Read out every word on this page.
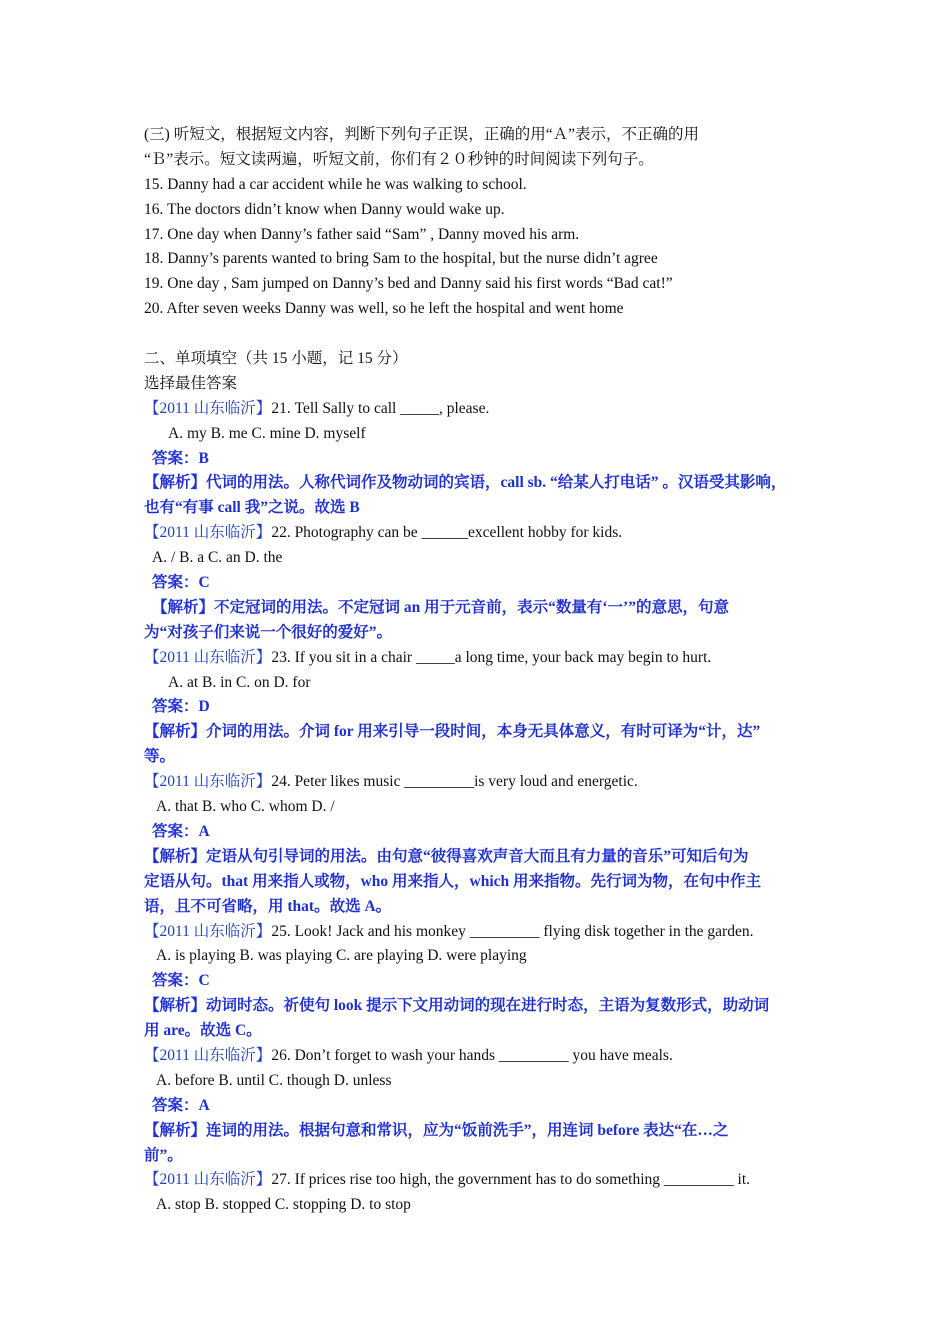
(三) 听短文，根据短文内容，判断下列句子正误，正确的用“Ａ”表示，不正确的用
“Ｂ”表示。短文读两遍，听短文前，你们有２０秒钟的时间阅读下列句子。
15. Danny had a car accident while he was walking to school.
16. The doctors didn’t know when Danny would wake up.
17. One day when Danny’s father said “Sam” , Danny moved his arm.
18. Danny’s parents wanted to bring Sam to the hospital, but the nurse didn’t agree
19. One day , Sam jumped on Danny’s bed and Danny said his first words “Bad cat!”
20. After seven weeks Danny was well, so he left the hospital and went home
二、单项填空（共 15 小题，记 15 分）
选择最佳答案
【2011 山东临沂】21. Tell Sally to call _____, please.
A. my B. me C. mine D. myself
答案：B
【解析】代词的用法。人称代词作及物动词的宾语，call sb. “给某人打电话” 。汉语受其影响，
也有“有事 call 我”之说。故选 B
【2011 山东临沂】22. Photography can be ______excellent hobby for kids.
A. / B. a C. an D. the
答案：C
【解析】不定冠词的用法。不定冠词 an 用于元音前，表示“数量有‘一’”的意思，句意
为“对孩子们来说一个很好的爱好”。
【2011 山东临沂】23. If you sit in a chair _____a long time, your back may begin to hurt.
A. at B. in C. on D. for
答案：D
【解析】介词的用法。介词 for 用来引导一段时间，本身无具体意义，有时可译为“计，达”
等。
【2011 山东临沂】24. Peter likes music _________is very loud and energetic.
A. that B. who C. whom D. /
答案：A
【解析】定语从句引导词的用法。由句意“彼得喜欢声音大而且有力量的音乐”可知后句为
定语从句。that 用来指人或物，who 用来指人，which 用来指物。先行词为物，在句中作主
语，且不可省略，用 that。故选 A。
【2011 山东临沂】25. Look! Jack and his monkey _________ flying disk together in the garden.
A. is playing B. was playing C. are playing D. were playing
答案：C
【解析】动词时态。祈使句 look 提示下文用动词的现在进行时态，主语为复数形式，助动词
用 are。故选 C。
【2011 山东临沂】26. Don’t forget to wash your hands _________ you have meals.
A. before B. until C. though D. unless
答案：A
【解析】连词的用法。根据句意和常识，应为“饭前洗手”，用连词 before 表达“在…之
前”。
【2011 山东临沂】27. If prices rise too high, the government has to do something _________ it.
A. stop B. stopped C. stopping D. to stop
